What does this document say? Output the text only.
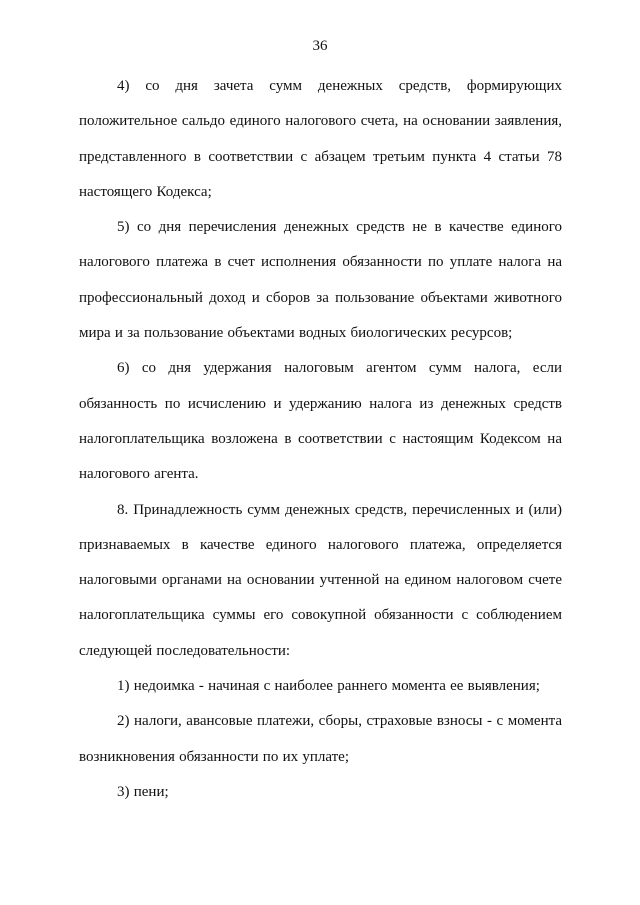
36

4) со дня зачета сумм денежных средств, формирующих положительное сальдо единого налогового счета, на основании заявления, представленного в соответствии с абзацем третьим пункта 4 статьи 78 настоящего Кодекса;

5) со дня перечисления денежных средств не в качестве единого налогового платежа в счет исполнения обязанности по уплате налога на профессиональный доход и сборов за пользование объектами животного мира и за пользование объектами водных биологических ресурсов;

6) со дня удержания налоговым агентом сумм налога, если обязанность по исчислению и удержанию налога из денежных средств налогоплательщика возложена в соответствии с настоящим Кодексом на налогового агента.

8. Принадлежность сумм денежных средств, перечисленных и (или) признаваемых в качестве единого налогового платежа, определяется налоговыми органами на основании учтенной на едином налоговом счете налогоплательщика суммы его совокупной обязанности с соблюдением следующей последовательности:

1) недоимка - начиная с наиболее раннего момента ее выявления;

2) налоги, авансовые платежи, сборы, страховые взносы - с момента возникновения обязанности по их уплате;

3) пени;
